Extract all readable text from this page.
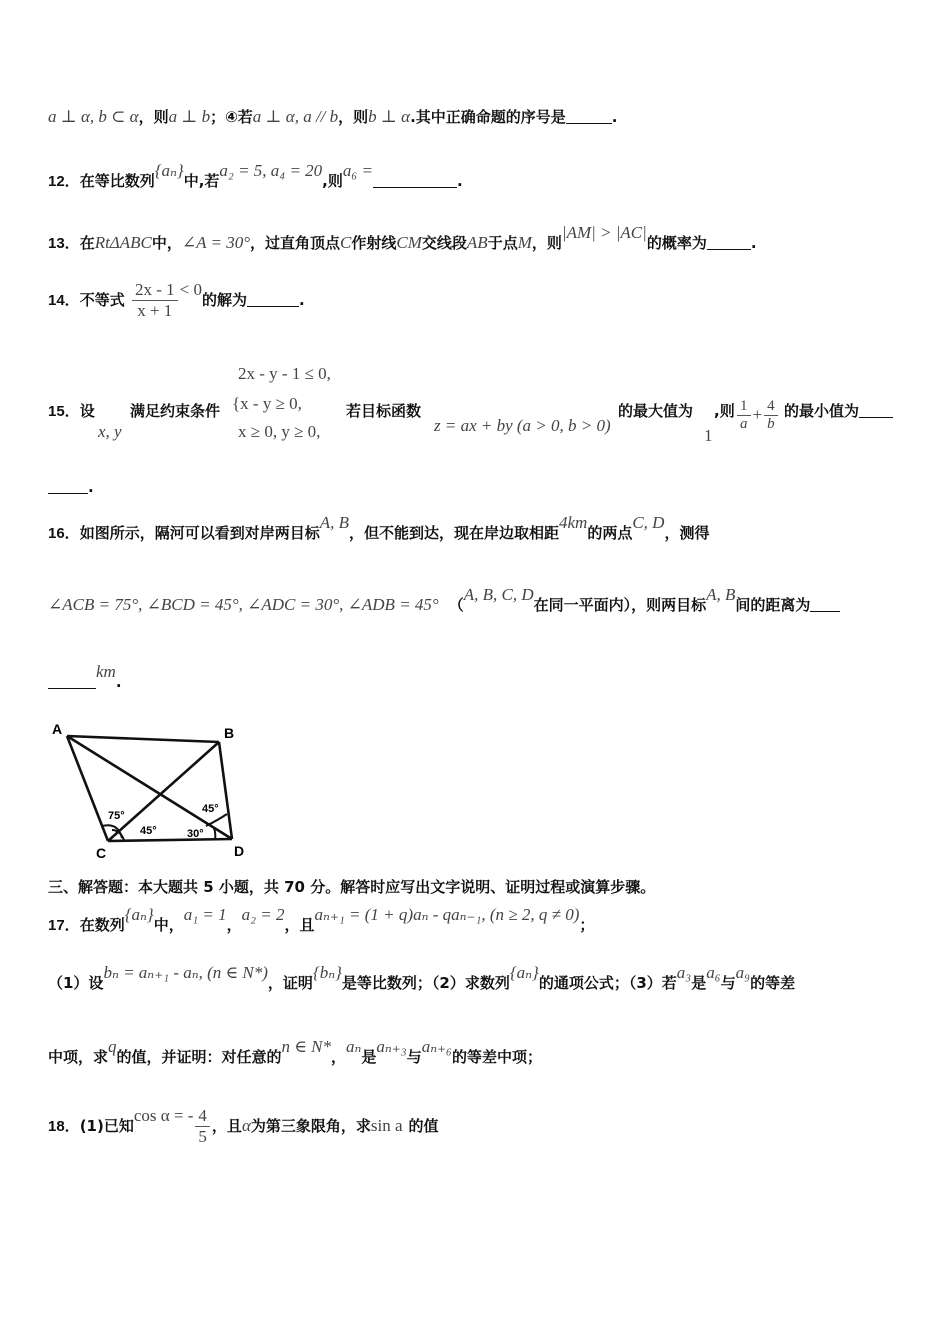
a ⊥ α, b ⊂ α，则a ⊥ b；④若a ⊥ α, a // b，则b ⊥ α.其中正确命题的序号是	.
12．在等比数列{aₙ}中,若a₂ = 5, a₄ = 20,则a₆ =.
13．在RtΔABC中，∠A = 30°，过直角顶点C作射线CM交线段AB于点M，则|AM| > |AC|的概率为	.
14．不等式 $\frac{2x - 1}{x + 1} < 0$的解为	.
2x - y - 1 ≤ 0,
15．设 满足约束条件 {x - y ≥ 0,	若目标函数	的最大值为 ,则 $\frac{1}{a} + \frac{4}{b}$ 的最小值为
x, y	x ≥ 0, y ≥ 0,	z = ax + by (a > 0, b > 0)
1
.
16．如图所示，隔河可以看到对岸两目标A, B，但不能到达，现在岸边取相距4km的两点C, D，测得
∠ACB = 75°, ∠BCD = 45°, ∠ADC = 30°, ∠ADB = 45° （A, B, C, D在同一平面内），则两目标A, B间的距离为
km.
A	B
C	D
75°
45°	30°
45°
三、解答题：本大题共 5 小题，共 70 分。解答时应写出文字说明、证明过程或演算步骤。
17．在数列{aₙ}中，a₁ = 1，a₂ = 2，且aₙ₊₁ = (1 + q)aₙ - qaₙ₋₁, (n ≥ 2, q ≠ 0)；
（1）设bₙ = aₙ₊₁ - aₙ, (n ∈ N*)，证明{bₙ}是等比数列；（2）求数列{aₙ}的通项公式；（3）若a₃是a₆与a₉的等差
中项，求q的值，并证明：对任意的n ∈ N*，aₙ是aₙ₊₃与aₙ₊₆的等差中项；
18．(1)已知cos α = - $\frac{4}{5}$ ，且α为第三象限角，求sin a 的值
